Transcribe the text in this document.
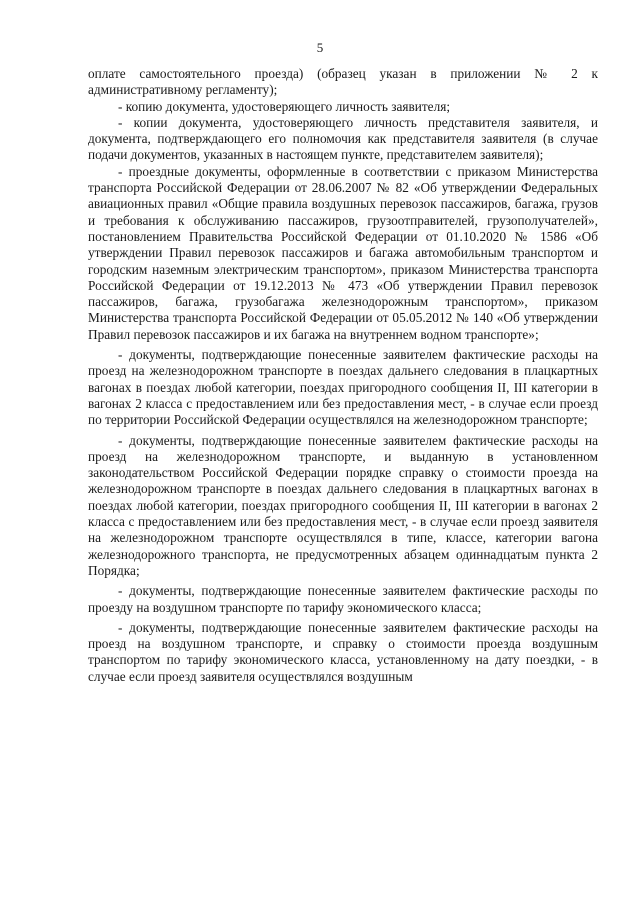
5

оплате самостоятельного проезда) (образец указан в приложении № 2 к административному регламенту);

- копию документа, удостоверяющего личность заявителя;

- копии документа, удостоверяющего личность представителя заявителя, и документа, подтверждающего его полномочия как представителя заявителя (в случае подачи документов, указанных в настоящем пункте, представителем заявителя);

- проездные документы, оформленные в соответствии с приказом Министерства транспорта Российской Федерации от 28.06.2007 № 82 «Об утверждении Федеральных авиационных правил «Общие правила воздушных перевозок пассажиров, багажа, грузов и требования к обслуживанию пассажиров, грузоотправителей, грузополучателей», постановлением Правительства Российской Федерации от 01.10.2020 № 1586 «Об утверждении Правил перевозок пассажиров и багажа автомобильным транспортом и городским наземным электрическим транспортом», приказом Министерства транспорта Российской Федерации от 19.12.2013 № 473 «Об утверждении Правил перевозок пассажиров, багажа, грузобагажа железнодорожным транспортом», приказом Министерства транспорта Российской Федерации от 05.05.2012 № 140 «Об утверждении Правил перевозок пассажиров и их багажа на внутреннем водном транспорте»;

- документы, подтверждающие понесенные заявителем фактические расходы на проезд на железнодорожном транспорте в поездах дальнего следования в плацкартных вагонах в поездах любой категории, поездах пригородного сообщения II, III категории в вагонах 2 класса с предоставлением или без предоставления мест, - в случае если проезд по территории Российской Федерации осуществлялся на железнодорожном транспорте;

- документы, подтверждающие понесенные заявителем фактические расходы на проезд на железнодорожном транспорте, и выданную в установленном законодательством Российской Федерации порядке справку о стоимости проезда на железнодорожном транспорте в поездах дальнего следования в плацкартных вагонах в поездах любой категории, поездах пригородного сообщения II, III категории в вагонах 2 класса с предоставлением или без предоставления мест, - в случае если проезд заявителя на железнодорожном транспорте осуществлялся в типе, классе, категории вагона железнодорожного транспорта, не предусмотренных абзацем одиннадцатым пункта 2 Порядка;

- документы, подтверждающие понесенные заявителем фактические расходы по проезду на воздушном транспорте по тарифу экономического класса;

- документы, подтверждающие понесенные заявителем фактические расходы на проезд на воздушном транспорте, и справку о стоимости проезда воздушным транспортом по тарифу экономического класса, установленному на дату поездки, - в случае если проезд заявителя осуществлялся воздушным
